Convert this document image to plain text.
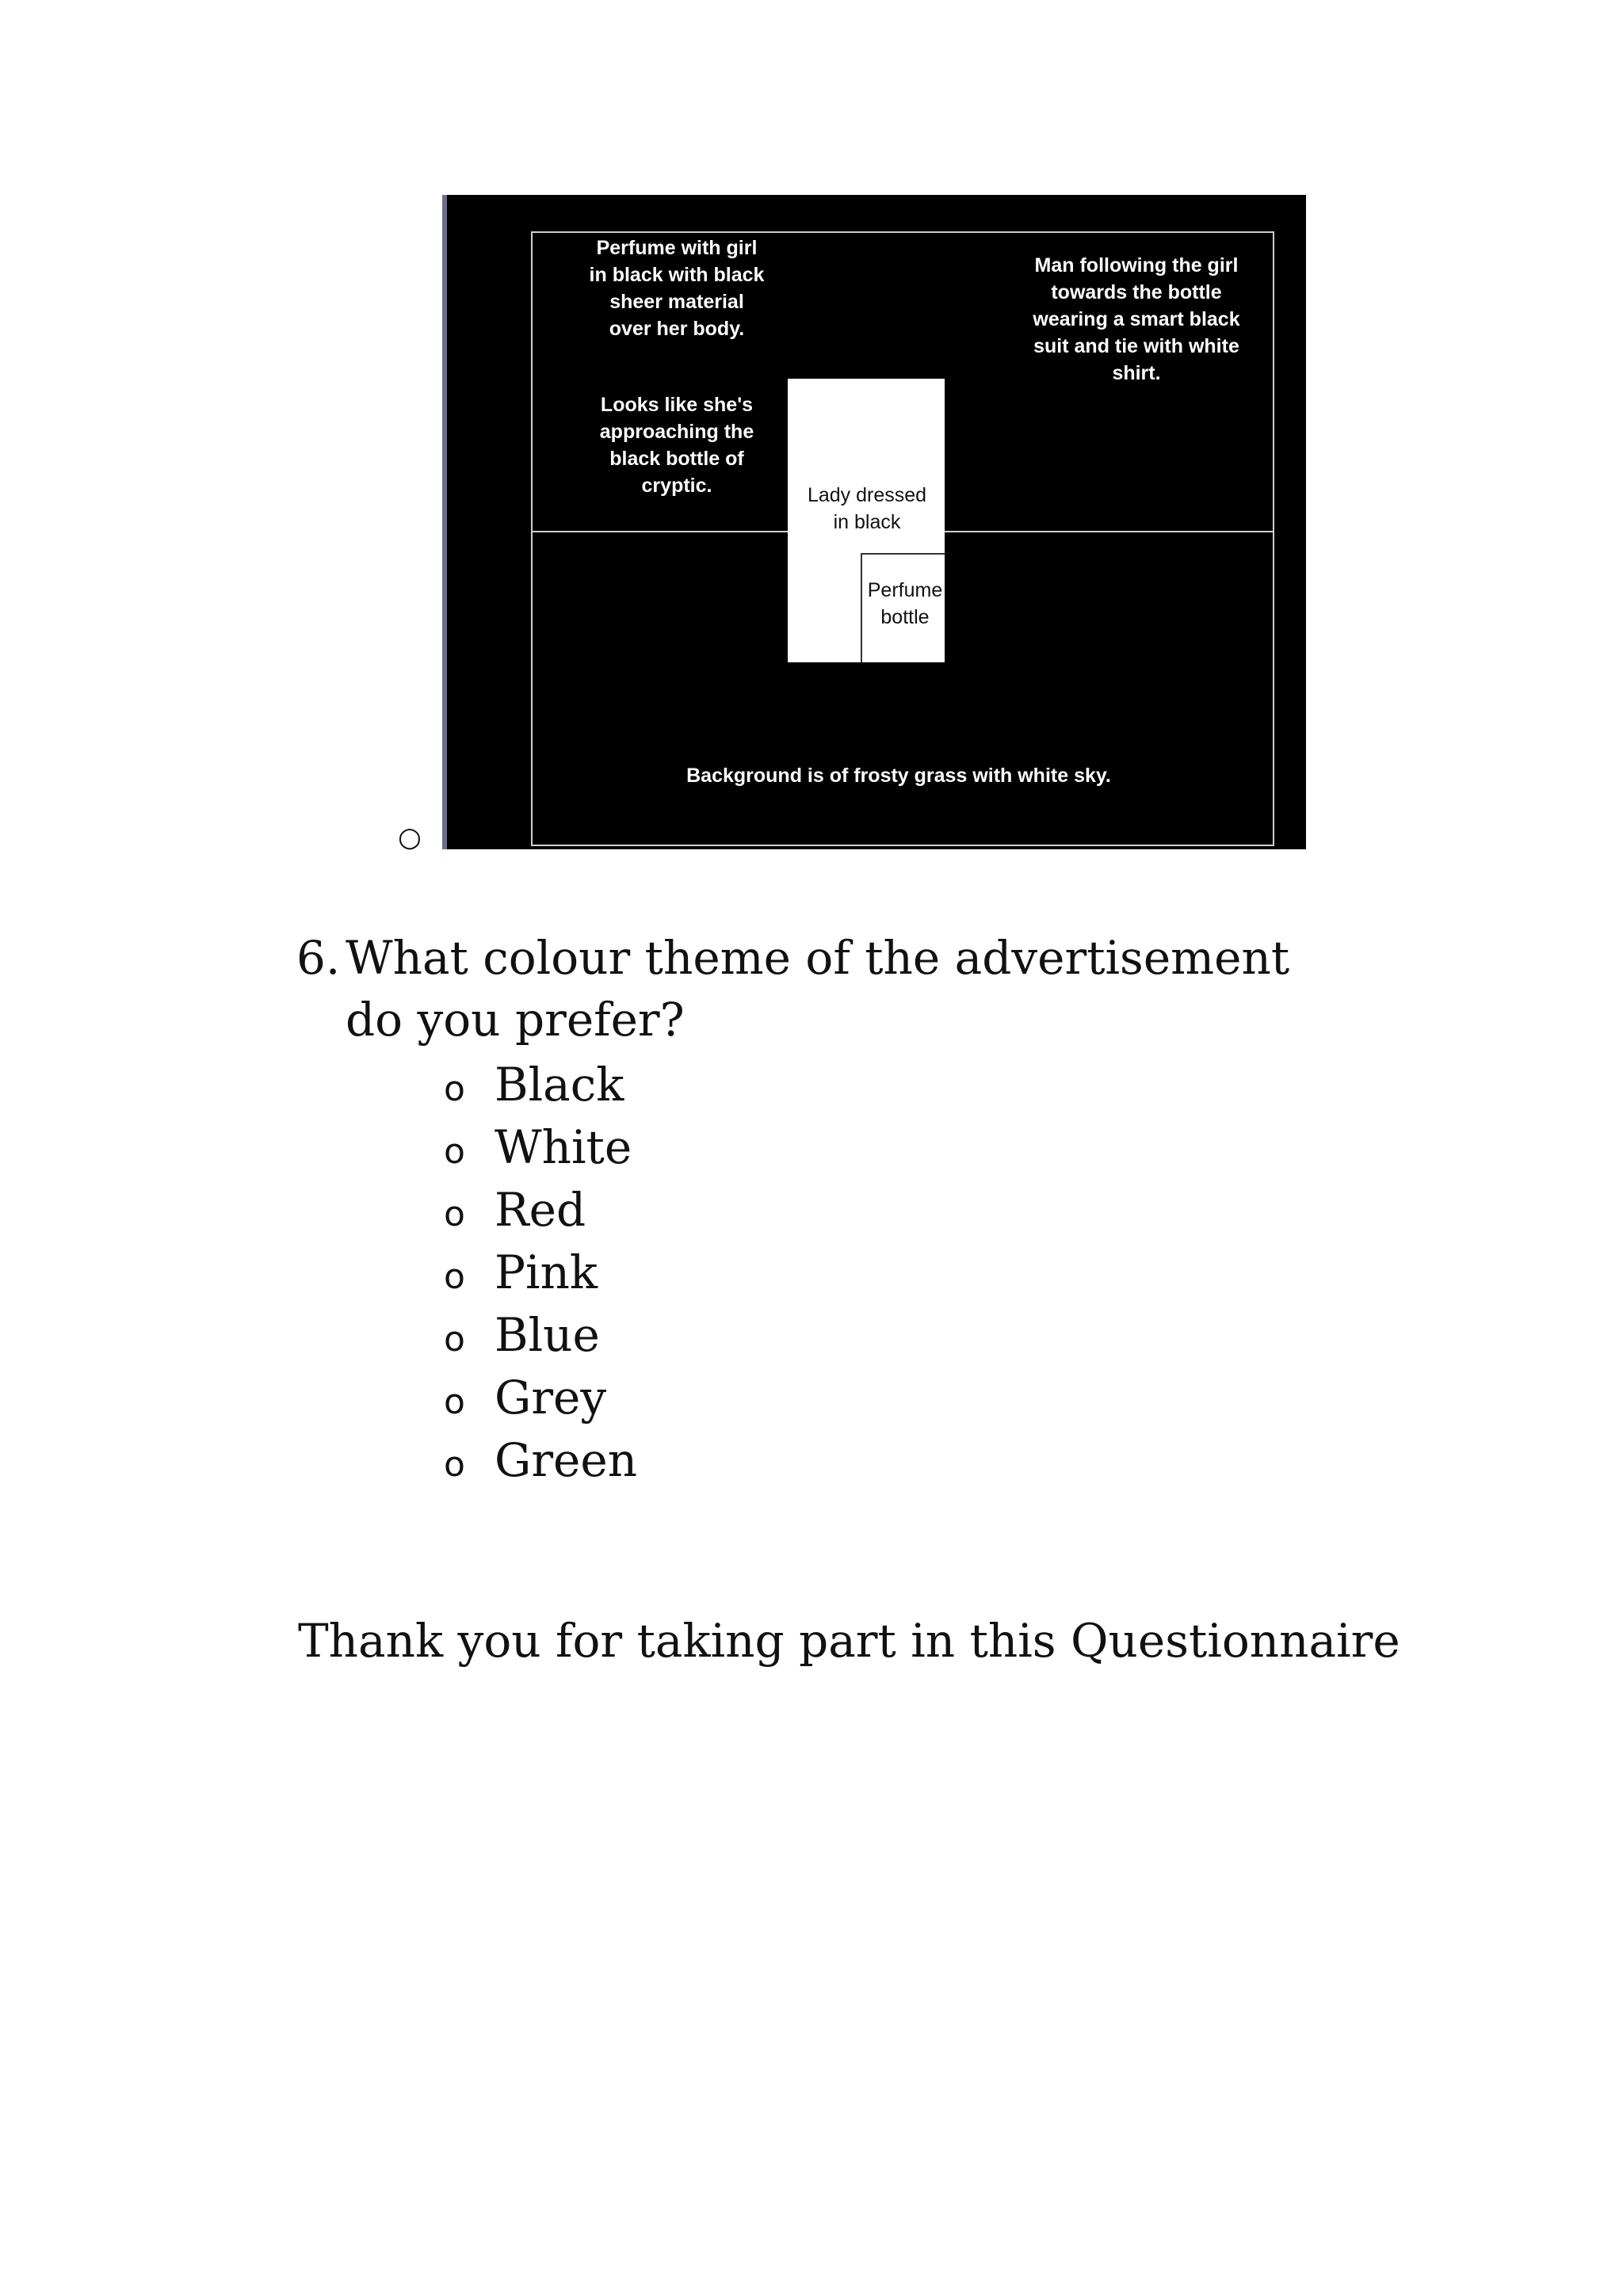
○
Perfume with girl
in black with black
sheer material
over her body.
Looks like she's
approaching the
black bottle of
cryptic.
Man following the girl
towards the bottle
wearing a smart black
suit and tie with white
shirt.
Background is of frosty grass with white sky.
Lady dressed
in black
Perfume
bottle
6. What colour theme of the advertisement do you prefer?
o Black
o White
o Red
o Pink
o Blue
o Grey
o Green
Thank you for taking part in this Questionnaire
